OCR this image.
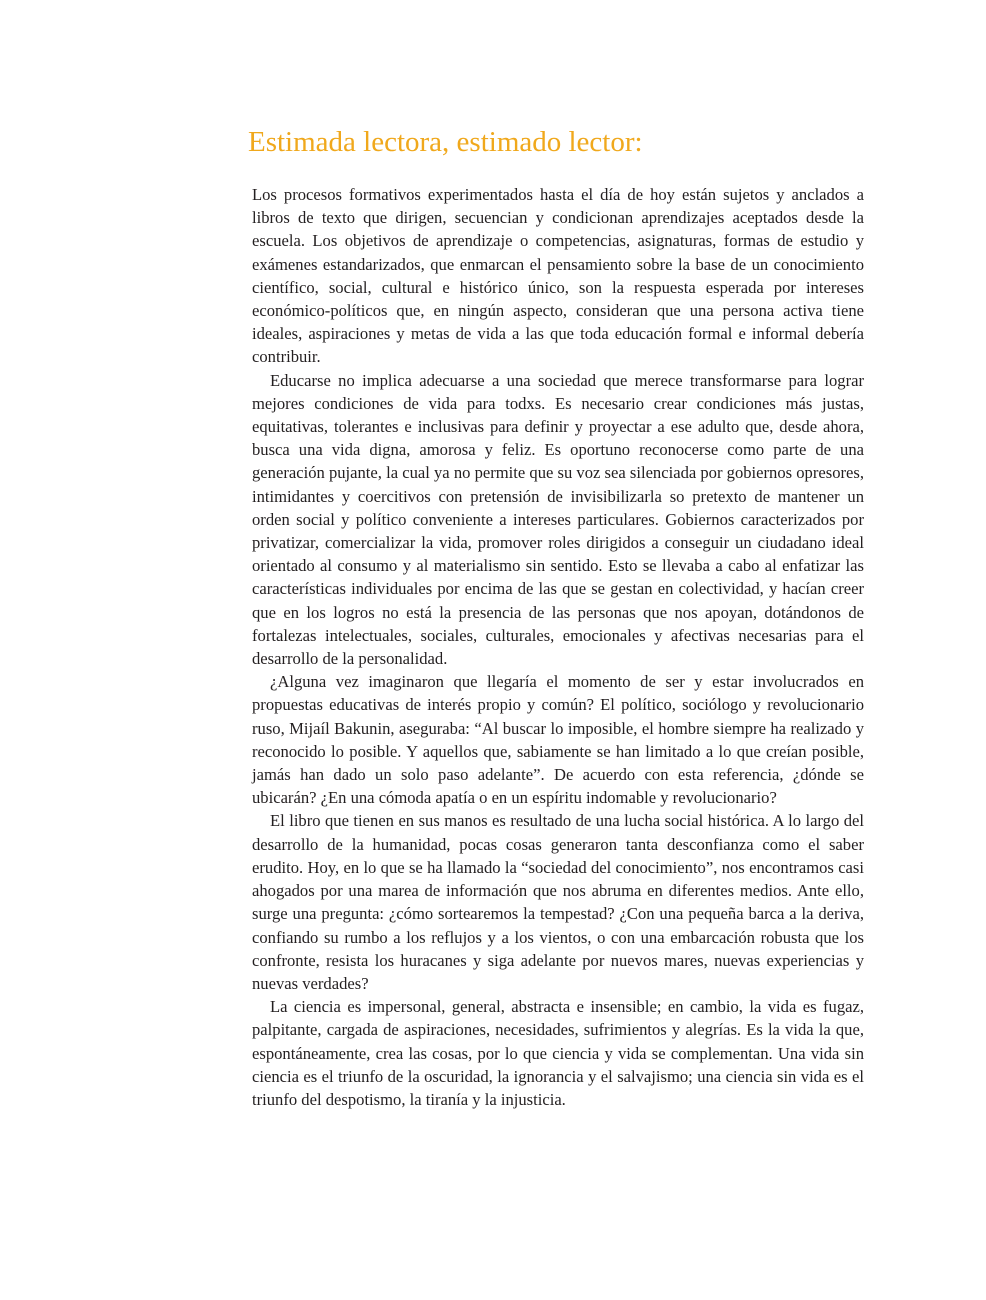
Estimada lectora, estimado lector:

Los procesos formativos experimentados hasta el día de hoy están sujetos y anclados a libros de texto que dirigen, secuencian y condicionan aprendizajes aceptados desde la escuela. Los objetivos de aprendizaje o competencias, asignaturas, formas de estudio y exámenes estandarizados, que enmarcan el pensamiento sobre la base de un conocimiento científico, social, cultural e histórico único, son la respuesta esperada por intereses económico-políticos que, en ningún aspecto, consideran que una persona activa tiene ideales, aspiraciones y metas de vida a las que toda educación formal e informal debería contribuir.

Educarse no implica adecuarse a una sociedad que merece transformarse para lograr mejores condiciones de vida para todxs. Es necesario crear condiciones más justas, equitativas, tolerantes e inclusivas para definir y proyectar a ese adulto que, desde ahora, busca una vida digna, amorosa y feliz. Es oportuno reconocerse como parte de una generación pujante, la cual ya no permite que su voz sea silenciada por gobiernos opresores, intimidantes y coercitivos con pretensión de invisibilizarla so pretexto de mantener un orden social y político conveniente a intereses particulares. Gobiernos caracterizados por privatizar, comercializar la vida, promover roles dirigidos a conseguir un ciudadano ideal orientado al consumo y al materialismo sin sentido. Esto se llevaba a cabo al enfatizar las características individuales por encima de las que se gestan en colectividad, y hacían creer que en los logros no está la presencia de las personas que nos apoyan, dotándonos de fortalezas intelectuales, sociales, culturales, emocionales y afectivas necesarias para el desarrollo de la personalidad.

¿Alguna vez imaginaron que llegaría el momento de ser y estar involucrados en propuestas educativas de interés propio y común? El político, sociólogo y revolucionario ruso, Mijaíl Bakunin, aseguraba: “Al buscar lo imposible, el hombre siempre ha realizado y reconocido lo posible. Y aquellos que, sabiamente se han limitado a lo que creían posible, jamás han dado un solo paso adelante”. De acuerdo con esta referencia, ¿dónde se ubicarán? ¿En una cómoda apatía o en un espíritu indomable y revolucionario?

El libro que tienen en sus manos es resultado de una lucha social histórica. A lo largo del desarrollo de la humanidad, pocas cosas generaron tanta desconfianza como el saber erudito. Hoy, en lo que se ha llamado la “sociedad del conocimiento”, nos encontramos casi ahogados por una marea de información que nos abruma en diferentes medios. Ante ello, surge una pregunta: ¿cómo sortearemos la tempestad? ¿Con una pequeña barca a la deriva, confiando su rumbo a los reflujos y a los vientos, o con una embarcación robusta que los confronte, resista los huracanes y siga adelante por nuevos mares, nuevas experiencias y nuevas verdades?

La ciencia es impersonal, general, abstracta e insensible; en cambio, la vida es fugaz, palpitante, cargada de aspiraciones, necesidades, sufrimientos y alegrías. Es la vida la que, espontáneamente, crea las cosas, por lo que ciencia y vida se complementan. Una vida sin ciencia es el triunfo de la oscuridad, la ignorancia y el salvajismo; una ciencia sin vida es el triunfo del despotismo, la tiranía y la injusticia.
